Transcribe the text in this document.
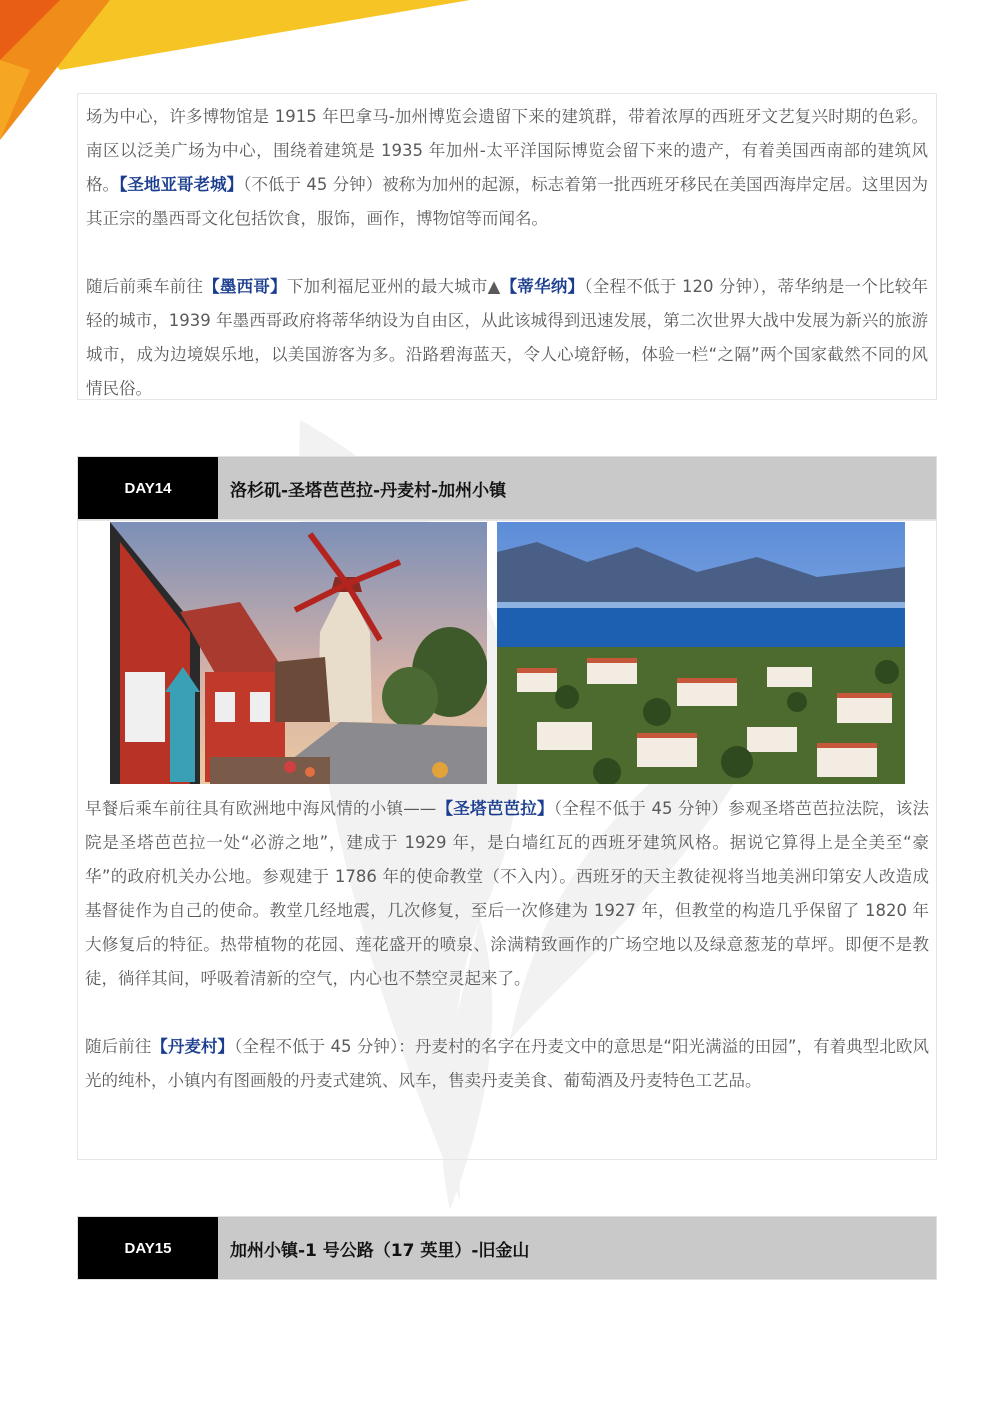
场为中心，许多博物馆是 1915 年巴拿马-加州博览会遗留下来的建筑群，带着浓厚的西班牙文艺复兴时期的色彩。南区以泛美广场为中心，围绕着建筑是 1935 年加州-太平洋国际博览会留下来的遗产，有着美国西南部的建筑风格。【圣地亚哥老城】（不低于 45 分钟）被称为加州的起源，标志着第一批西班牙移民在美国西海岸定居。这里因为其正宗的墨西哥文化包括饮食，服饰，画作，博物馆等而闻名。

随后前乘车前往【墨西哥】下加利福尼亚州的最大城市▲【蒂华纳】（全程不低于 120 分钟），蒂华纳是一个比较年轻的城市，1939 年墨西哥政府将蒂华纳设为自由区，从此该城得到迅速发展，第二次世界大战中发展为新兴的旅游城市，成为边境娱乐地，以美国游客为多。沿路碧海蓝天，令人心境舒畅，体验一栏“之隔”两个国家截然不同的风情民俗。

DAY14	洛杉矶-圣塔芭芭拉-丹麦村-加州小镇

早餐后乘车前往具有欧洲地中海风情的小镇——【圣塔芭芭拉】（全程不低于 45 分钟）参观圣塔芭芭拉法院，该法院是圣塔芭芭拉一处“必游之地”，建成于 1929 年，是白墙红瓦的西班牙建筑风格。据说它算得上是全美至“豪华”的政府机关办公地。参观建于 1786 年的使命教堂（不入内）。西班牙的天主教徒视将当地美洲印第安人改造成基督徒作为自己的使命。教堂几经地震，几次修复，至后一次修建为 1927 年，但教堂的构造几乎保留了 1820 年大修复后的特征。热带植物的花园、莲花盛开的喷泉、涂满精致画作的广场空地以及绿意葱茏的草坪。即便不是教徒，徜徉其间，呼吸着清新的空气，内心也不禁空灵起来了。

随后前往【丹麦村】（全程不低于 45 分钟）：丹麦村的名字在丹麦文中的意思是“阳光满溢的田园”，有着典型北欧风光的纯朴，小镇内有图画般的丹麦式建筑、风车，售卖丹麦美食、葡萄酒及丹麦特色工艺品。

DAY15	加州小镇-1 号公路（17 英里）-旧金山
